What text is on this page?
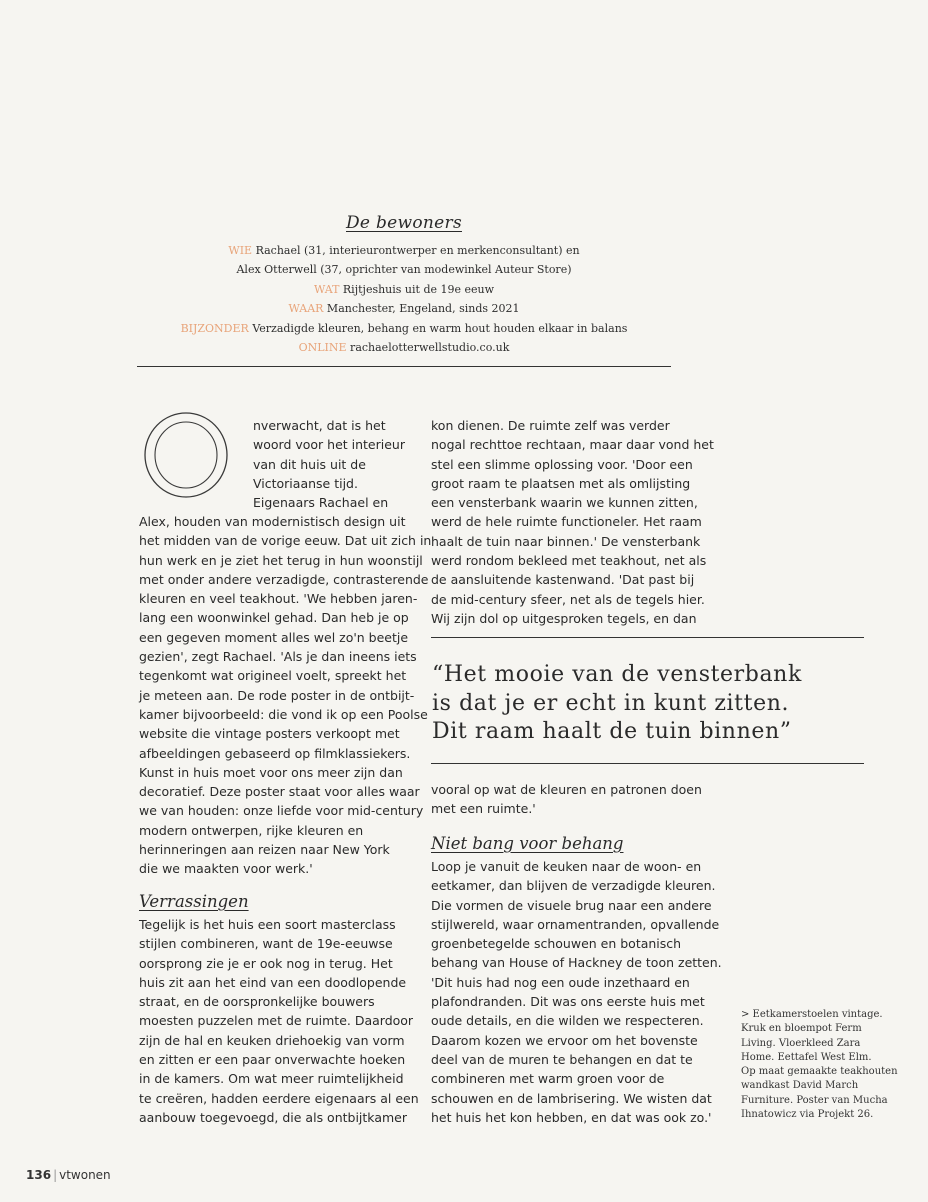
De bewoners
WIE Rachael (31, interieurontwerper en merkenconsultant) en
Alex Otterwell (37, oprichter van modewinkel Auteur Store)
WAT Rijtjeshuis uit de 19e eeuw
WAAR Manchester, Engeland, sinds 2021
BIJZONDER Verzadigde kleuren, behang en warm hout houden elkaar in balans
ONLINE rachaelotterwellstudio.co.uk
O

nverwacht, dat is het

woord voor het interieur

van dit huis uit de

Victoriaanse tijd.

Eigenaars Rachael en

Alex, houden van modernistisch design uit

het midden van de vorige eeuw. Dat uit zich in

hun werk en je ziet het terug in hun woonstijl

met onder andere verzadigde, contrasterende

kleuren en veel teakhout. 'We hebben jaren-

lang een woonwinkel gehad. Dan heb je op

een gegeven moment alles wel zo'n beetje

gezien', zegt Rachael. 'Als je dan ineens iets

tegenkomt wat origineel voelt, spreekt het

je meteen aan. De rode poster in de ontbijt-

kamer bijvoorbeeld: die vond ik op een Poolse

website die vintage posters verkoopt met

afbeeldingen gebaseerd op filmklassiekers.

Kunst in huis moet voor ons meer zijn dan

decoratief. Deze poster staat voor alles waar

we van houden: onze liefde voor mid-century

modern ontwerpen, rijke kleuren en

herinneringen aan reizen naar New York

die we maakten voor werk.'

Verrassingen

Tegelijk is het huis een soort masterclass

stijlen combineren, want de 19e-eeuwse

oorsprong zie je er ook nog in terug. Het

huis zit aan het eind van een doodlopende

straat, en de oorspronkelijke bouwers

moesten puzzelen met de ruimte. Daardoor

zijn de hal en keuken driehoekig van vorm

en zitten er een paar onverwachte hoeken

in de kamers. Om wat meer ruimtelijkheid

te creëren, hadden eerdere eigenaars al een

aanbouw toegevoegd, die als ontbijtkamer

kon dienen. De ruimte zelf was verder

nogal rechttoe rechtaan, maar daar vond het

stel een slimme oplossing voor. 'Door een

groot raam te plaatsen met als omlijsting

een vensterbank waarin we kunnen zitten,

werd de hele ruimte functioneler. Het raam

haalt de tuin naar binnen.' De vensterbank

werd rondom bekleed met teakhout, net als

de aansluitende kastenwand. 'Dat past bij

de mid-century sfeer, net als de tegels hier.

Wij zijn dol op uitgesproken tegels, en dan

“Het mooie van de vensterbank
is dat je er echt in kunt zitten.
Dit raam haalt de tuin binnen”

vooral op wat de kleuren en patronen doen

met een ruimte.'

Niet bang voor behang

Loop je vanuit de keuken naar de woon- en

eetkamer, dan blijven de verzadigde kleuren.

Die vormen de visuele brug naar een andere

stijlwereld, waar ornamentranden, opvallende

groenbetegelde schouwen en botanisch

behang van House of Hackney de toon zetten.

'Dit huis had nog een oude inzethaard en

plafondranden. Dit was ons eerste huis met

oude details, en die wilden we respecteren.

Daarom kozen we ervoor om het bovenste

deel van de muren te behangen en dat te

combineren met warm groen voor de

schouwen en de lambrisering. We wisten dat

het huis het kon hebben, en dat was ook zo.'

> Eetkamerstoelen vintage.
Kruk en bloempot Ferm
Living. Vloerkleed Zara
Home. Eettafel West Elm.
Op maat gemaakte teakhouten
wandkast David March
Furniture. Poster van Mucha
Ihnatowicz via Projekt 26.
136 | vtwonen
